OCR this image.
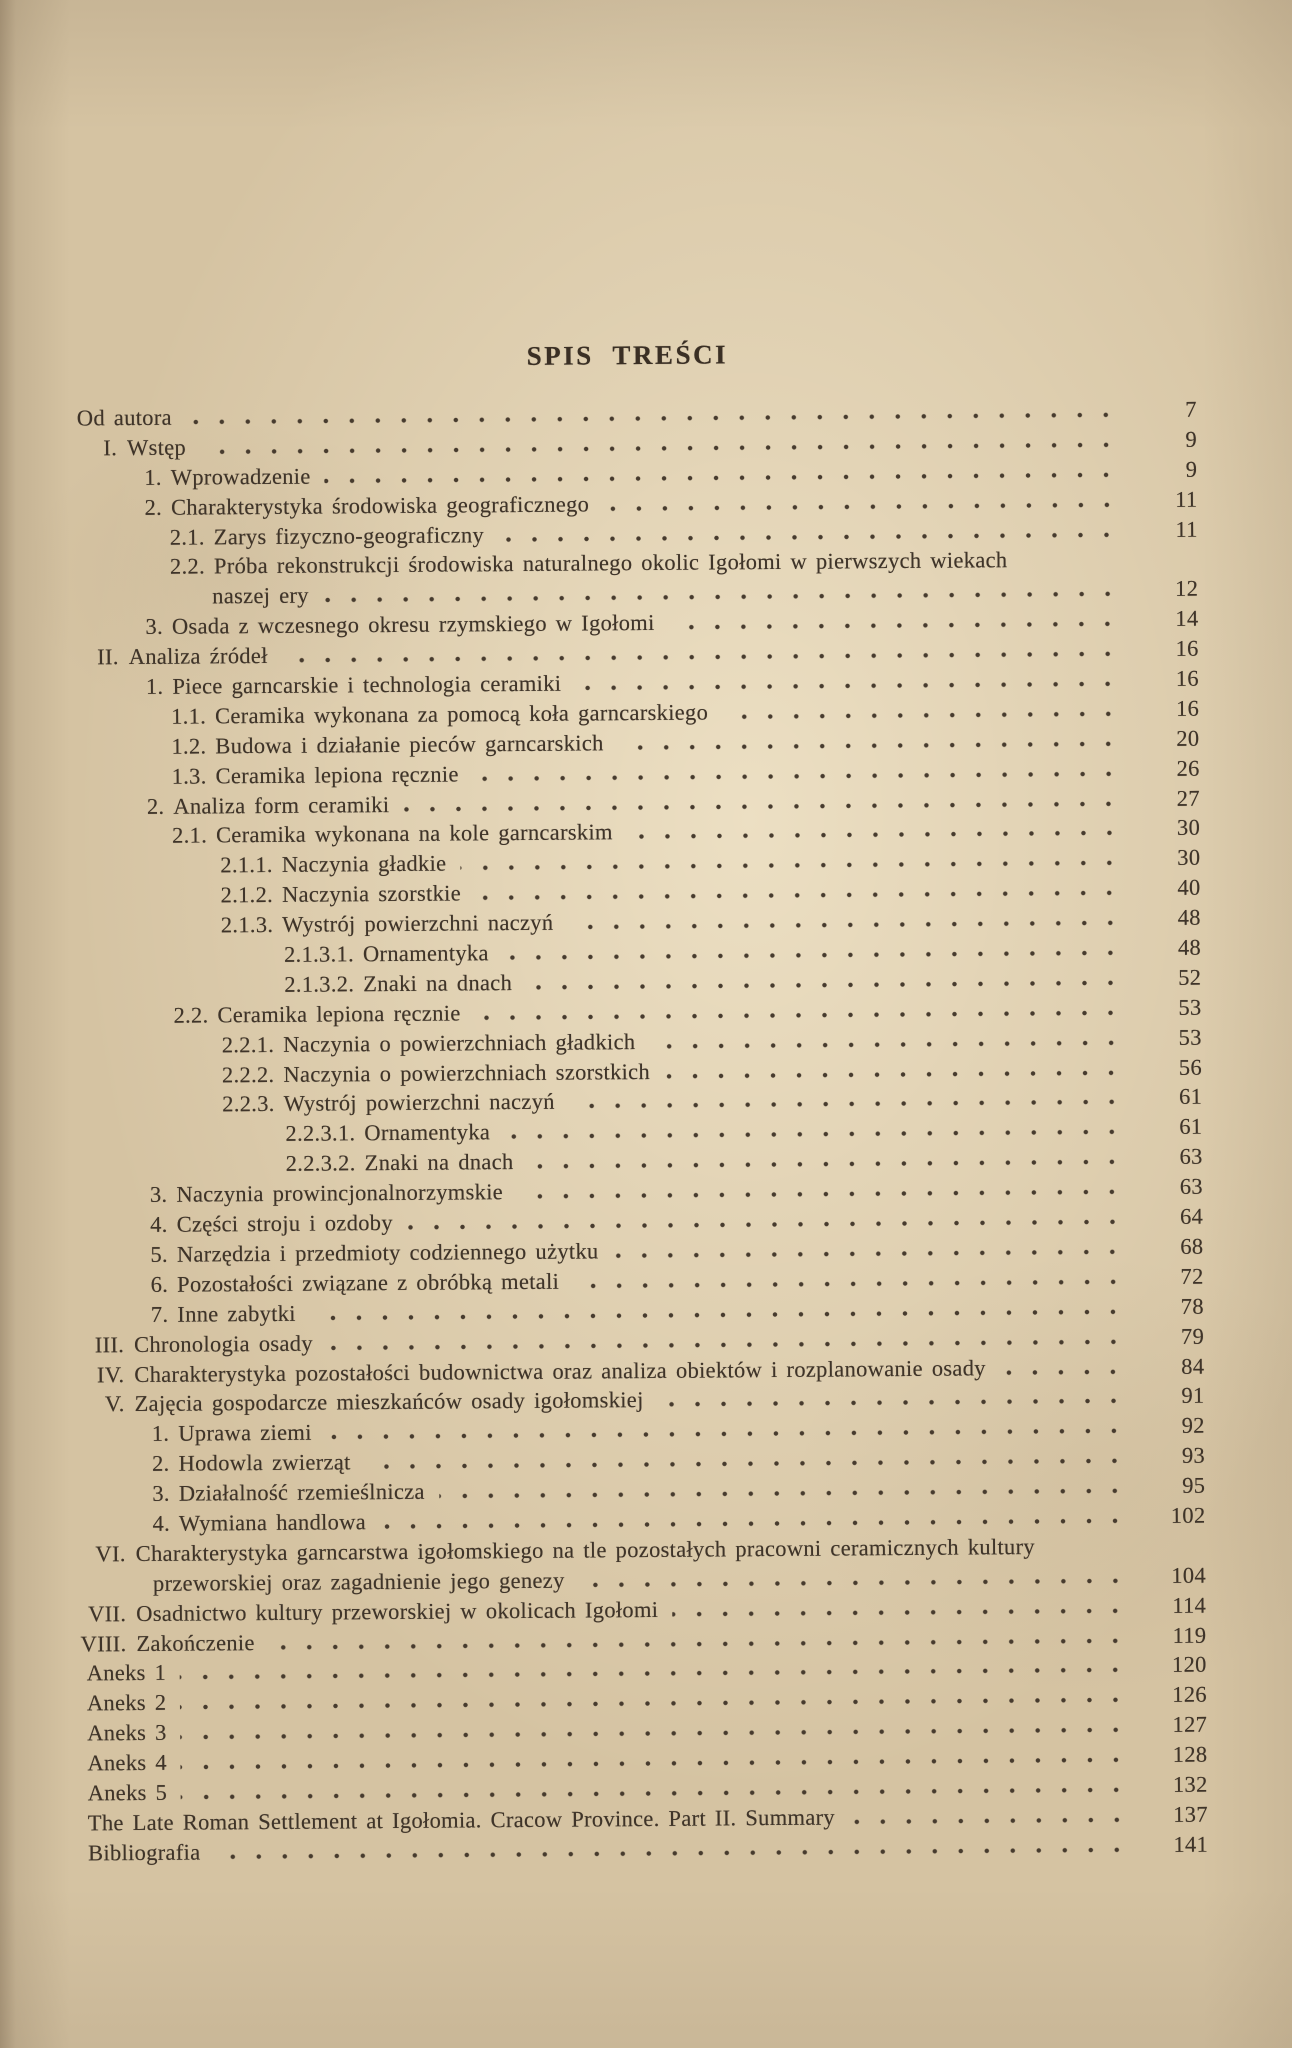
SPIS TREŚCI
Od autora	7
I. Wstęp	9
1. Wprowadzenie	9
2. Charakterystyka środowiska geograficznego	11
2.1. Zarys fizyczno-geograficzny	11
2.2. Próba rekonstrukcji środowiska naturalnego okolic Igołomi w pierwszych wiekach
naszej ery	12
3. Osada z wczesnego okresu rzymskiego w Igołomi	14
II. Analiza źródeł	16
1. Piece garncarskie i technologia ceramiki	16
1.1. Ceramika wykonana za pomocą koła garncarskiego	16
1.2. Budowa i działanie pieców garncarskich	20
1.3. Ceramika lepiona ręcznie	26
2. Analiza form ceramiki	27
2.1. Ceramika wykonana na kole garncarskim	30
2.1.1. Naczynia gładkie	30
2.1.2. Naczynia szorstkie	40
2.1.3. Wystrój powierzchni naczyń	48
2.1.3.1. Ornamentyka	48
2.1.3.2. Znaki na dnach	52
2.2. Ceramika lepiona ręcznie	53
2.2.1. Naczynia o powierzchniach gładkich	53
2.2.2. Naczynia o powierzchniach szorstkich	56
2.2.3. Wystrój powierzchni naczyń	61
2.2.3.1. Ornamentyka	61
2.2.3.2. Znaki na dnach	63
3. Naczynia prowincjonalnorzymskie	63
4. Części stroju i ozdoby	64
5. Narzędzia i przedmioty codziennego użytku	68
6. Pozostałości związane z obróbką metali	72
7. Inne zabytki	78
III. Chronologia osady	79
IV. Charakterystyka pozostałości budownictwa oraz analiza obiektów i rozplanowanie osady	84
V. Zajęcia gospodarcze mieszkańców osady igołomskiej	91
1. Uprawa ziemi	92
2. Hodowla zwierząt	93
3. Działalność rzemieślnicza	95
4. Wymiana handlowa	102
VI. Charakterystyka garncarstwa igołomskiego na tle pozostałych pracowni ceramicznych kultury
przeworskiej oraz zagadnienie jego genezy	104
VII. Osadnictwo kultury przeworskiej w okolicach Igołomi	114
VIII. Zakończenie	119
Aneks 1	120
Aneks 2	126
Aneks 3	127
Aneks 4	128
Aneks 5	132
The Late Roman Settlement at Igołomia. Cracow Province. Part II. Summary	137
Bibliografia	141
